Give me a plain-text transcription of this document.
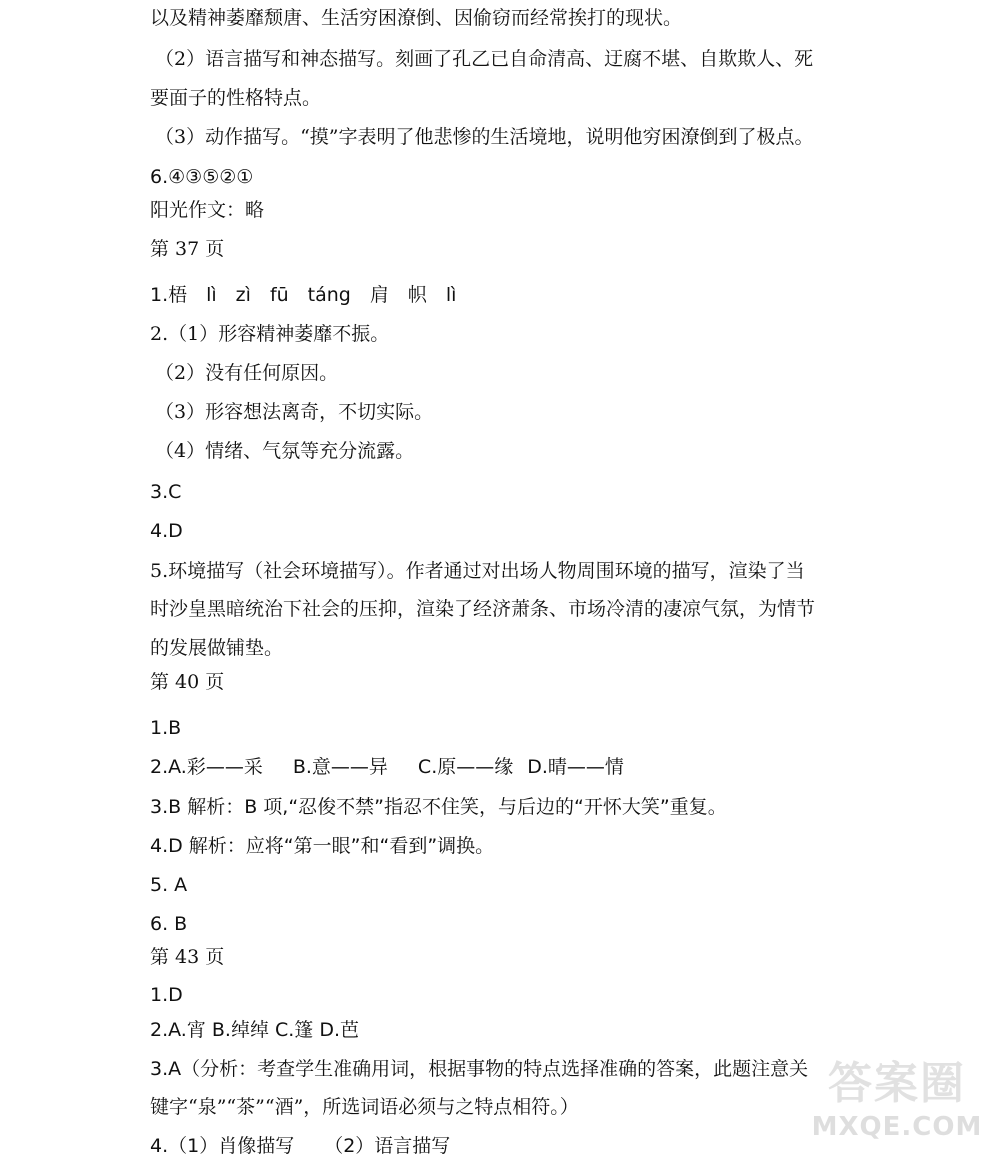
以及精神萎靡颓唐、生活穷困潦倒、因偷窃而经常挨打的现状。
（2）语言描写和神态描写。刻画了孔乙已自命清高、迂腐不堪、自欺欺人、死
要面子的性格特点。
（3）动作描写。“摸”字表明了他悲惨的生活境地，说明他穷困潦倒到了极点。
6.④③⑤②①
阳光作文：略
第 37 页
1.梧　lì　zì　fū　táng　肩　帜　lì
2.（1）形容精神萎靡不振。
（2）没有任何原因。
（3）形容想法离奇，不切实际。
（4）情绪、气氛等充分流露。
3.C
4.D
5.环境描写（社会环境描写）。作者通过对出场人物周围环境的描写，渲染了当
时沙皇黑暗统治下社会的压抑，渲染了经济萧条、市场冷清的凄凉气氛，为情节
的发展做铺垫。
第 40 页
1.B
2.A.彩——采 B.意——异 C.原——缘 D.晴——情
3.B 解析：B 项,“忍俊不禁”指忍不住笑，与后边的“开怀大笑”重复。
4.D 解析：应将“第一眼”和“看到”调换。
5. A
6. B
第 43 页
1.D
2.A.宵 B.绰绰 C.篷 D.芭
3.A（分析：考查学生准确用词，根据事物的特点选择准确的答案，此题注意关
键字“泉”“茶”“酒”，所选词语必须与之特点相符。）
4.（1）肖像描写 （2）语言描写
答案圈
MXQE.COM
